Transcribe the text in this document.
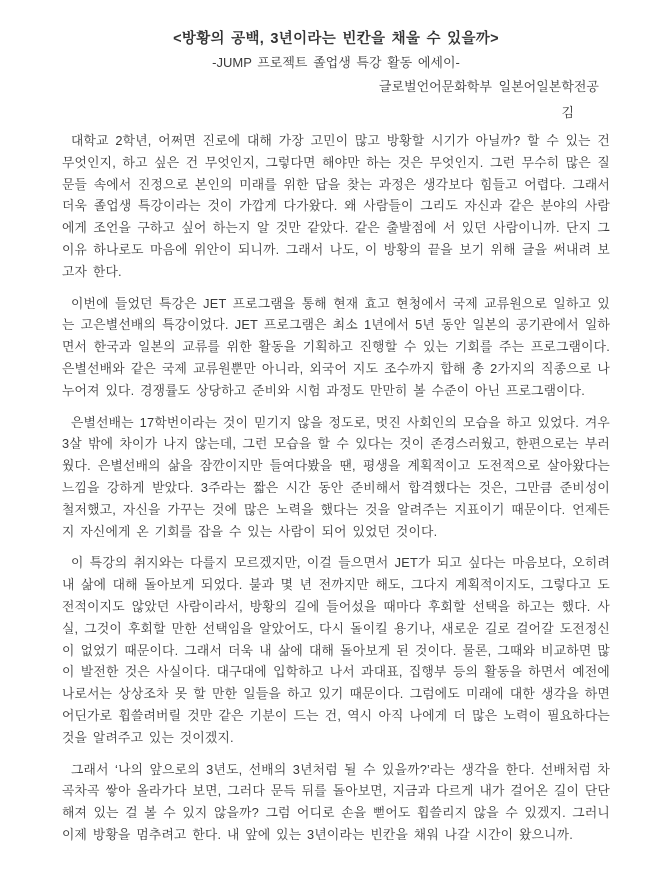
<방황의 공백, 3년이라는 빈칸을 채울 수 있을까>
-JUMP 프로젝트 졸업생 특강 활동 에세이-
글로벌언어문화학부 일본어일본학전공
김

대학교 2학년, 어쩌면 진로에 대해 가장 고민이 많고 방황할 시기가 아닐까? 할 수 있는 건 무엇인지, 하고 싶은 건 무엇인지, 그렇다면 해야만 하는 것은 무엇인지. 그런 무수히 많은 질문들 속에서 진정으로 본인의 미래를 위한 답을 찾는 과정은 생각보다 힘들고 어렵다. 그래서 더욱 졸업생 특강이라는 것이 가깝게 다가왔다. 왜 사람들이 그리도 자신과 같은 분야의 사람에게 조언을 구하고 싶어 하는지 알 것만 같았다. 같은 출발점에 서 있던 사람이니까. 단지 그 이유 하나로도 마음에 위안이 되니까. 그래서 나도, 이 방황의 끝을 보기 위해 글을 써내려 보고자 한다.

이번에 들었던 특강은 JET 프로그램을 통해 현재 효고 현청에서 국제 교류원으로 일하고 있는 고은별선배의 특강이었다. JET 프로그램은 최소 1년에서 5년 동안 일본의 공기관에서 일하면서 한국과 일본의 교류를 위한 활동을 기획하고 진행할 수 있는 기회를 주는 프로그램이다. 은별선배와 같은 국제 교류원뿐만 아니라, 외국어 지도 조수까지 합해 총 2가지의 직종으로 나누어져 있다. 경쟁률도 상당하고 준비와 시험 과정도 만만히 볼 수준이 아닌 프로그램이다.

은별선배는 17학번이라는 것이 믿기지 않을 정도로, 멋진 사회인의 모습을 하고 있었다. 겨우 3살 밖에 차이가 나지 않는데, 그런 모습을 할 수 있다는 것이 존경스러웠고, 한편으로는 부러웠다. 은별선배의 삶을 잠깐이지만 들여다봤을 땐, 평생을 계획적이고 도전적으로 살아왔다는 느낌을 강하게 받았다. 3주라는 짧은 시간 동안 준비해서 합격했다는 것은, 그만큼 준비성이 철저했고, 자신을 가꾸는 것에 많은 노력을 했다는 것을 알려주는 지표이기 때문이다. 언제든지 자신에게 온 기회를 잡을 수 있는 사람이 되어 있었던 것이다.

이 특강의 취지와는 다를지 모르겠지만, 이걸 들으면서 JET가 되고 싶다는 마음보다, 오히려 내 삶에 대해 돌아보게 되었다. 불과 몇 년 전까지만 해도, 그다지 계획적이지도, 그렇다고 도전적이지도 않았던 사람이라서, 방황의 길에 들어섰을 때마다 후회할 선택을 하고는 했다. 사실, 그것이 후회할 만한 선택임을 알았어도, 다시 돌이킬 용기나, 새로운 길로 걸어갈 도전정신이 없었기 때문이다. 그래서 더욱 내 삶에 대해 돌아보게 된 것이다. 물론, 그때와 비교하면 많이 발전한 것은 사실이다. 대구대에 입학하고 나서 과대표, 집행부 등의 활동을 하면서 예전에 나로서는 상상조차 못 할 만한 일들을 하고 있기 때문이다. 그럼에도 미래에 대한 생각을 하면 어딘가로 휩쓸려버릴 것만 같은 기분이 드는 건, 역시 아직 나에게 더 많은 노력이 필요하다는 것을 알려주고 있는 것이겠지.

그래서 ‘나의 앞으로의 3년도, 선배의 3년처럼 될 수 있을까?’라는 생각을 한다. 선배처럼 차곡차곡 쌓아 올라가다 보면, 그러다 문득 뒤를 돌아보면, 지금과 다르게 내가 걸어온 길이 단단해져 있는 걸 볼 수 있지 않을까? 그럼 어디로 손을 뻗어도 휩쓸리지 않을 수 있겠지. 그러니 이제 방황을 멈추려고 한다. 내 앞에 있는 3년이라는 빈칸을 채워 나갈 시간이 왔으니까.
